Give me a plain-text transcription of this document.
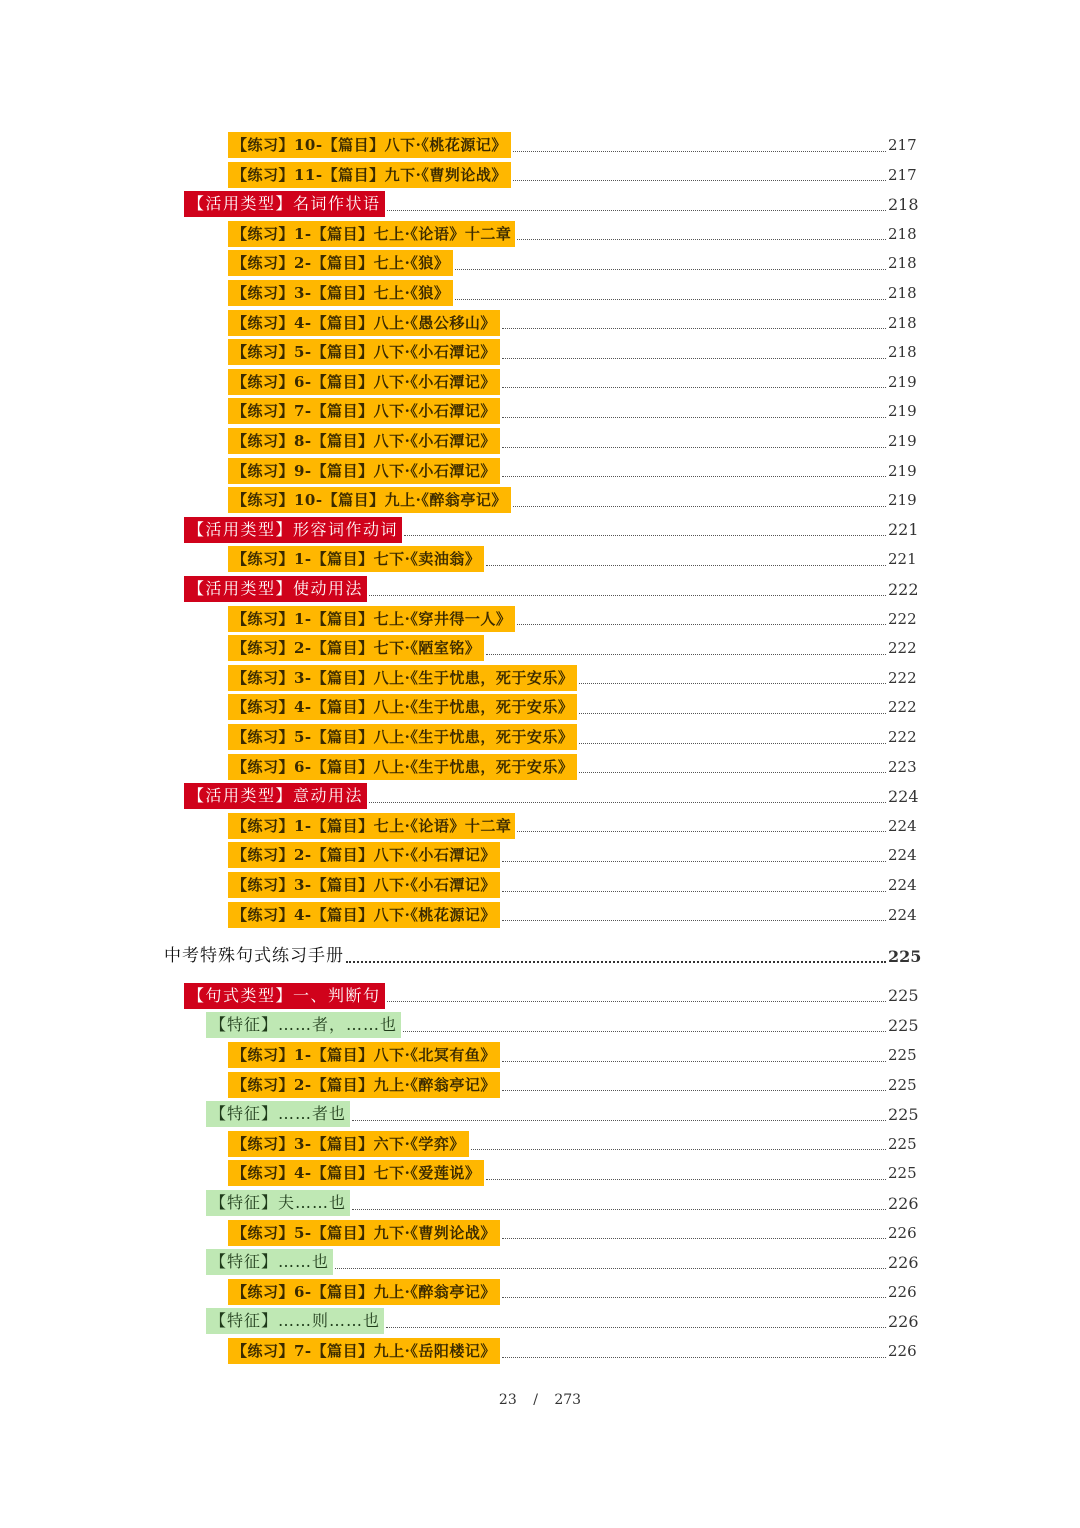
【练习】10-【篇目】八下·《桃花源记》	217
【练习】11-【篇目】九下·《曹刿论战》	217
【活用类型】名词作状语	218
【练习】1-【篇目】七上·《论语》十二章	218
【练习】2-【篇目】七上·《狼》	218
【练习】3-【篇目】七上·《狼》	218
【练习】4-【篇目】八上·《愚公移山》	218
【练习】5-【篇目】八下·《小石潭记》	218
【练习】6-【篇目】八下·《小石潭记》	219
【练习】7-【篇目】八下·《小石潭记》	219
【练习】8-【篇目】八下·《小石潭记》	219
【练习】9-【篇目】八下·《小石潭记》	219
【练习】10-【篇目】九上·《醉翁亭记》	219
【活用类型】形容词作动词	221
【练习】1-【篇目】七下·《卖油翁》	221
【活用类型】使动用法	222
【练习】1-【篇目】七上·《穿井得一人》	222
【练习】2-【篇目】七下·《陋室铭》	222
【练习】3-【篇目】八上·《生于忧患，死于安乐》	222
【练习】4-【篇目】八上·《生于忧患，死于安乐》	222
【练习】5-【篇目】八上·《生于忧患，死于安乐》	222
【练习】6-【篇目】八上·《生于忧患，死于安乐》	223
【活用类型】意动用法	224
【练习】1-【篇目】七上·《论语》十二章	224
【练习】2-【篇目】八下·《小石潭记》	224
【练习】3-【篇目】八下·《小石潭记》	224
【练习】4-【篇目】八下·《桃花源记》	224
中考特殊句式练习手册	225
【句式类型】一、判断句	225
【特征】……者，……也	225
【练习】1-【篇目】八下·《北冥有鱼》	225
【练习】2-【篇目】九上·《醉翁亭记》	225
【特征】……者也	225
【练习】3-【篇目】六下·《学弈》	225
【练习】4-【篇目】七下·《爱莲说》	225
【特征】夫……也	226
【练习】5-【篇目】九下·《曹刿论战》	226
【特征】……也	226
【练习】6-【篇目】九上·《醉翁亭记》	226
【特征】……则……也	226
【练习】7-【篇目】九上·《岳阳楼记》	226
23 / 273
